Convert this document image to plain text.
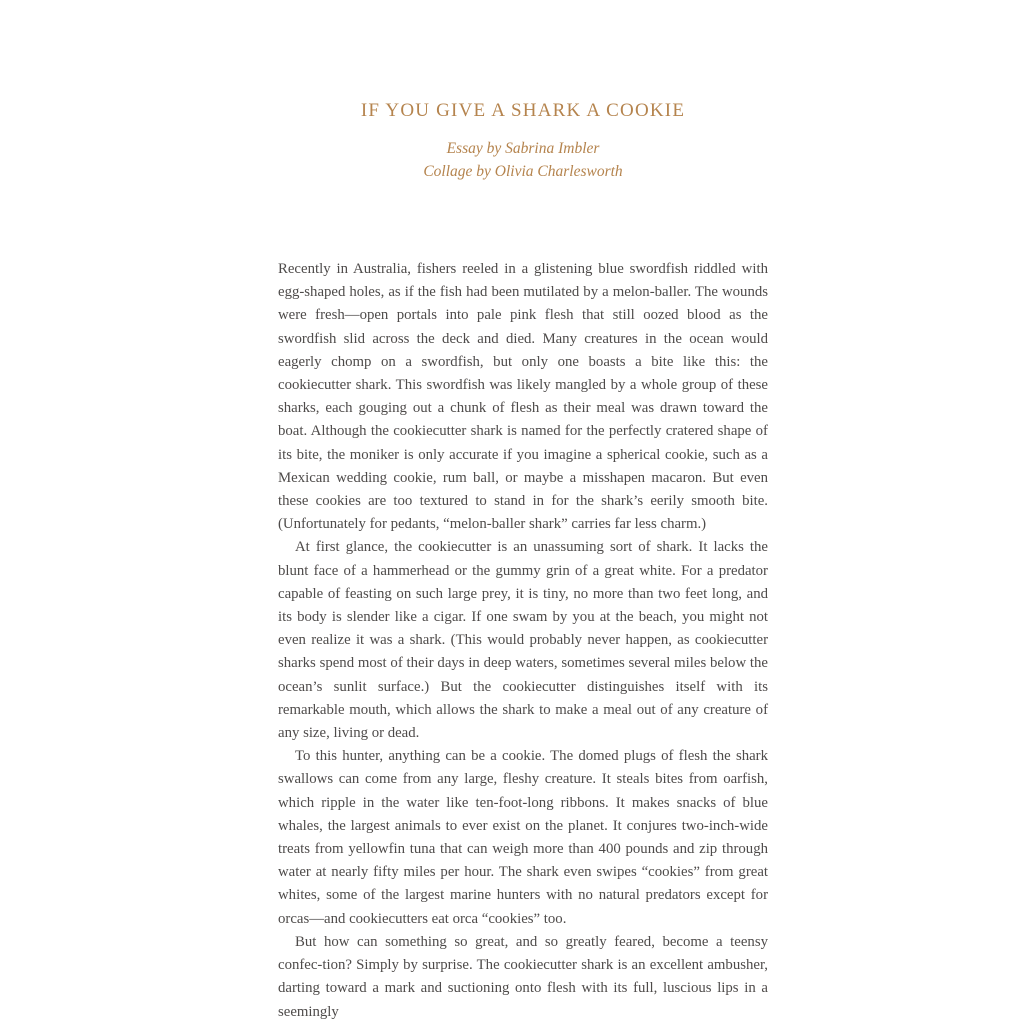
IF YOU GIVE A SHARK A COOKIE
Essay by Sabrina Imbler
Collage by Olivia Charlesworth

Recently in Australia, fishers reeled in a glistening blue swordfish riddled with egg-shaped holes, as if the fish had been mutilated by a melon-baller. The wounds were fresh—open portals into pale pink flesh that still oozed blood as the swordfish slid across the deck and died. Many creatures in the ocean would eagerly chomp on a swordfish, but only one boasts a bite like this: the cookiecutter shark. This swordfish was likely mangled by a whole group of these sharks, each gouging out a chunk of flesh as their meal was drawn toward the boat. Although the cookiecutter shark is named for the perfectly cratered shape of its bite, the moniker is only accurate if you imagine a spherical cookie, such as a Mexican wedding cookie, rum ball, or maybe a misshapen macaron. But even these cookies are too textured to stand in for the shark’s eerily smooth bite. (Unfortunately for pedants, “melon-baller shark” carries far less charm.)

At first glance, the cookiecutter is an unassuming sort of shark. It lacks the blunt face of a hammerhead or the gummy grin of a great white. For a predator capable of feasting on such large prey, it is tiny, no more than two feet long, and its body is slender like a cigar. If one swam by you at the beach, you might not even realize it was a shark. (This would probably never happen, as cookiecutter sharks spend most of their days in deep waters, sometimes several miles below the ocean’s sunlit surface.) But the cookiecutter distinguishes itself with its remarkable mouth, which allows the shark to make a meal out of any creature of any size, living or dead.

To this hunter, anything can be a cookie. The domed plugs of flesh the shark swallows can come from any large, fleshy creature. It steals bites from oarfish, which ripple in the water like ten-foot-long ribbons. It makes snacks of blue whales, the largest animals to ever exist on the planet. It conjures two-inch-wide treats from yellowfin tuna that can weigh more than 400 pounds and zip through water at nearly fifty miles per hour. The shark even swipes “cookies” from great whites, some of the largest marine hunters with no natural predators except for orcas—and cookiecutters eat orca “cookies” too.

But how can something so great, and so greatly feared, become a teensy confec-tion? Simply by surprise. The cookiecutter shark is an excellent ambusher, darting toward a mark and suctioning onto flesh with its full, luscious lips in a seemingly
